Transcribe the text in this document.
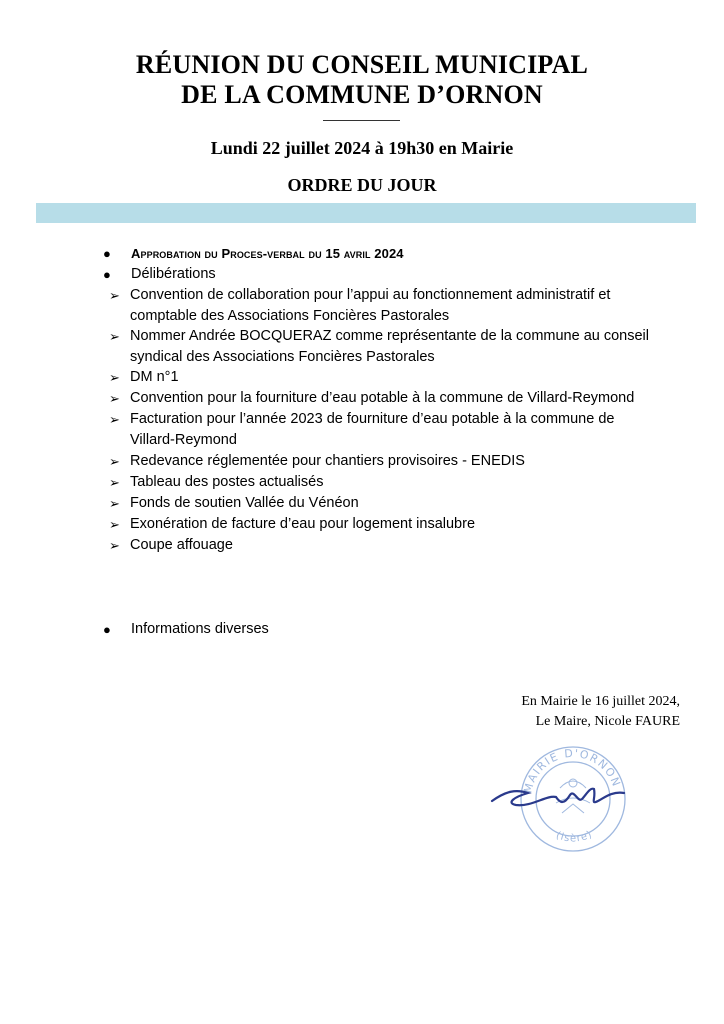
RÉUNION DU CONSEIL MUNICIPAL
DE LA COMMUNE D’ORNON
Lundi 22 juillet 2024 à 19h30 en Mairie
ORDRE DU JOUR
●	Approbation du Proces-verbal du 15 avril 2024
● Délibérations
➢ Convention de collaboration pour l’appui au fonctionnement administratif et
comptable des Associations Foncières Pastorales
➢ Nommer Andrée BOCQUERAZ comme représentante de la commune au conseil
syndical des Associations Foncières Pastorales
➢ DM n°1
➢ Convention pour la fourniture d’eau potable à la commune de Villard-Reymond
➢ Facturation pour l’année 2023 de fourniture d’eau potable à la commune de
Villard-Reymond
➢ Redevance réglementée pour chantiers provisoires - ENEDIS
➢ Tableau des postes actualisés
➢ Fonds de soutien Vallée du Vénéon
➢ Exonération de facture d’eau pour logement insalubre
➢ Coupe affouage
● Informations diverses
En Mairie le 16 juillet 2024,
Le Maire, Nicole FAURE
MAIRIE D'ORNON
(Isère)
